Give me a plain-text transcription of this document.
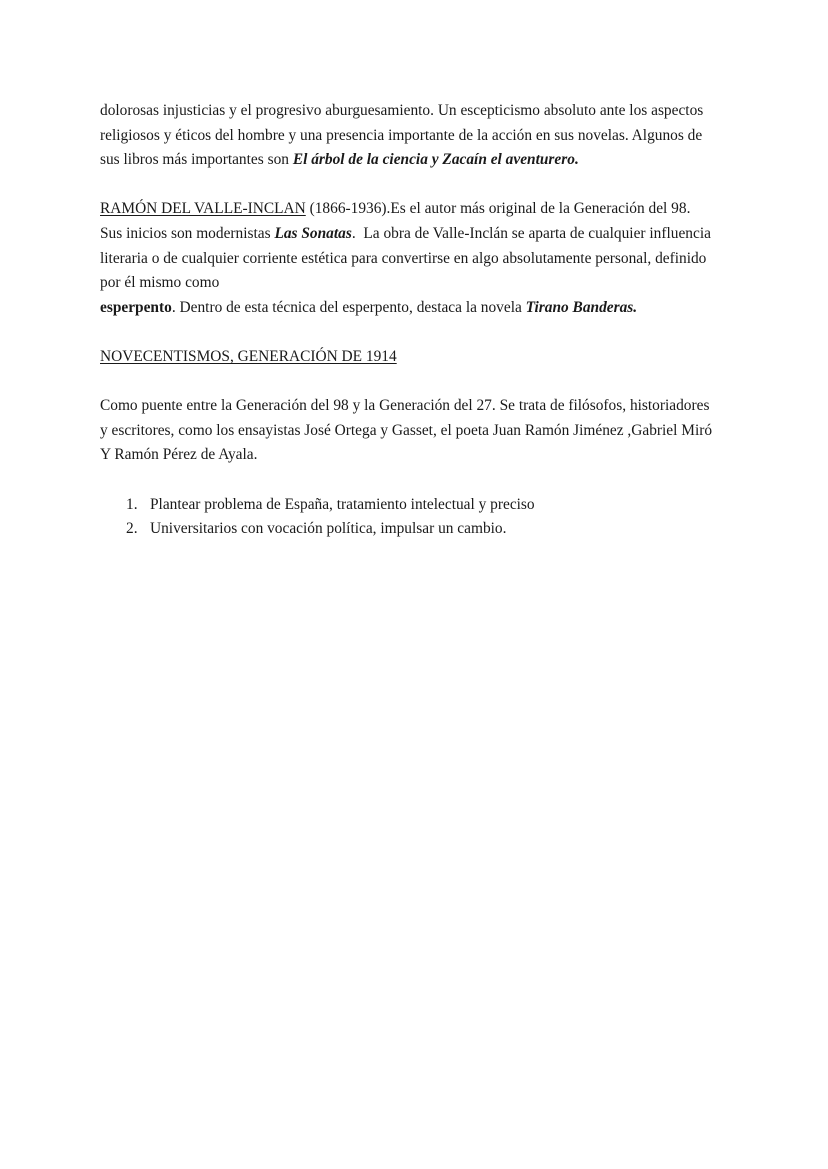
dolorosas injusticias y el progresivo aburguesamiento. Un escepticismo absoluto ante los aspectos
religiosos y éticos del hombre y una presencia importante de la acción en sus novelas. Algunos de
sus libros más importantes son El árbol de la ciencia y Zacaín el aventurero.

RAMÓN DEL VALLE-INCLAN (1866-1936).Es el autor más original de la Generación del 98.
Sus inicios son modernistas Las Sonatas.  La obra de Valle-Inclán se aparta de cualquier influencia
literaria o de cualquier corriente estética para convertirse en algo absolutamente personal, definido
por él mismo como
esperpento. Dentro de esta técnica del esperpento, destaca la novela Tirano Banderas.

NOVECENTISMOS, GENERACIÓN DE 1914

Como puente entre la Generación del 98 y la Generación del 27. Se trata de filósofos, historiadores
y escritores, como los ensayistas José Ortega y Gasset, el poeta Juan Ramón Jiménez ,Gabriel Miró
Y Ramón Pérez de Ayala.

1. Plantear problema de España, tratamiento intelectual y preciso
2. Universitarios con vocación política, impulsar un cambio.
